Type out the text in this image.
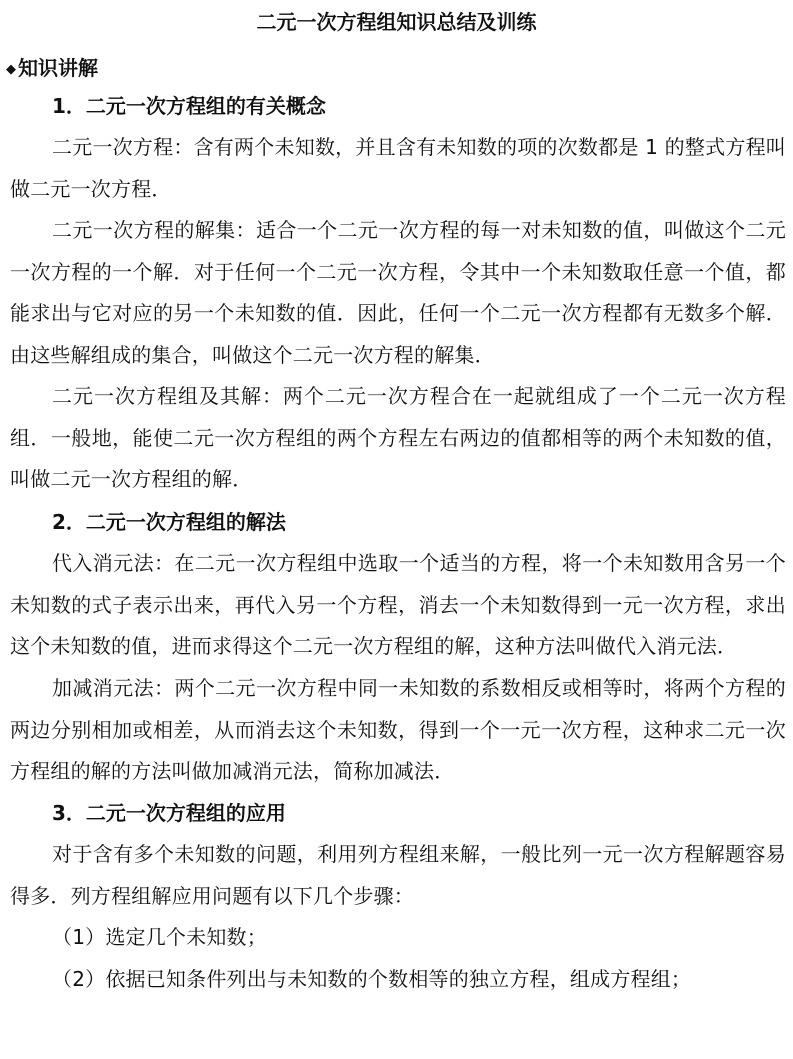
二元一次方程组知识总结及训练
◆ 知识讲解
1．二元一次方程组的有关概念
二元一次方程：含有两个未知数，并且含有未知数的项的次数都是 1 的整式方程叫做二元一次方程．
二元一次方程的解集：适合一个二元一次方程的每一对未知数的值，叫做这个二元一次方程的一个解．对于任何一个二元一次方程，令其中一个未知数取任意一个值，都能求出与它对应的另一个未知数的值．因此，任何一个二元一次方程都有无数多个解．由这些解组成的集合，叫做这个二元一次方程的解集．
二元一次方程组及其解：两个二元一次方程合在一起就组成了一个二元一次方程组．一般地，能使二元一次方程组的两个方程左右两边的值都相等的两个未知数的值，叫做二元一次方程组的解．
2．二元一次方程组的解法
代入消元法：在二元一次方程组中选取一个适当的方程，将一个未知数用含另一个未知数的式子表示出来，再代入另一个方程，消去一个未知数得到一元一次方程，求出这个未知数的值，进而求得这个二元一次方程组的解，这种方法叫做代入消元法．
加减消元法：两个二元一次方程中同一未知数的系数相反或相等时，将两个方程的两边分别相加或相差，从而消去这个未知数，得到一个一元一次方程，这种求二元一次方程组的解的方法叫做加减消元法，简称加减法．
3．二元一次方程组的应用
对于含有多个未知数的问题，利用列方程组来解，一般比列一元一次方程解题容易得多．列方程组解应用问题有以下几个步骤：
（1）选定几个未知数；
（2）依据已知条件列出与未知数的个数相等的独立方程，组成方程组；
